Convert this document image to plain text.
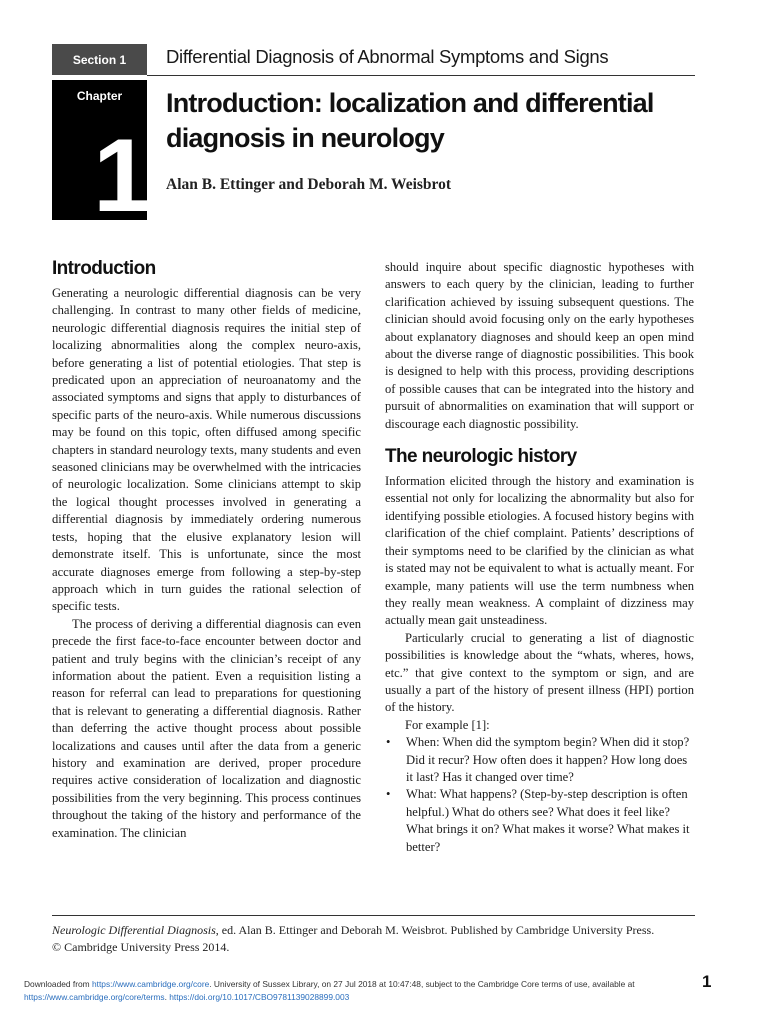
Section 1	Differential Diagnosis of Abnormal Symptoms and Signs
Chapter
1
Introduction: localization and differential diagnosis in neurology
Alan B. Ettinger and Deborah M. Weisbrot
Introduction

Generating a neurologic differential diagnosis can be very challenging. In contrast to many other fields of medicine, neurologic differential diagnosis requires the initial step of localizing abnormalities along the complex neuro-axis, before generating a list of potential etiologies. That step is predicated upon an appreciation of neuroanatomy and the associated symptoms and signs that apply to disturbances of specific parts of the neuro-axis. While numerous discussions may be found on this topic, often diffused among specific chapters in standard neurology texts, many students and even seasoned clinicians may be overwhelmed with the intricacies of neurologic localization. Some clinicians attempt to skip the logical thought processes involved in generating a differential diagnosis by immediately ordering numerous tests, hoping that the elusive explanatory lesion will demonstrate itself. This is unfortunate, since the most accurate diagnoses emerge from following a step-by-step approach which in turn guides the rational selection of specific tests.

The process of deriving a differential diagnosis can even precede the first face-to-face encounter between doctor and patient and truly begins with the clinician’s receipt of any information about the patient. Even a requisition listing a reason for referral can lead to preparations for questioning that is relevant to generating a differential diagnosis. Rather than deferring the active thought process about possible localizations and causes until after the data from a generic history and examination are derived, proper procedure requires active consideration of localization and diagnostic possibilities from the very beginning. This process continues throughout the taking of the history and performance of the examination. The clinician

should inquire about specific diagnostic hypotheses with answers to each query by the clinician, leading to further clarification achieved by issuing subsequent questions. The clinician should avoid focusing only on the early hypotheses about explanatory diagnoses and should keep an open mind about the diverse range of diagnostic possibilities. This book is designed to help with this process, providing descriptions of possible causes that can be integrated into the history and pursuit of abnormalities on examination that will support or discourage each diagnostic possibility.

The neurologic history

Information elicited through the history and examination is essential not only for localizing the abnormality but also for identifying possible etiologies. A focused history begins with clarification of the chief complaint. Patients’ descriptions of their symptoms need to be clarified by the clinician as what is stated may not be equivalent to what is actually meant. For example, many patients will use the term numbness when they really mean weakness. A complaint of dizziness may actually mean gait unsteadiness.

Particularly crucial to generating a list of diagnostic possibilities is knowledge about the “whats, wheres, hows, etc.” that give context to the symptom or sign, and are usually a part of the history of present illness (HPI) portion of the history.

For example [1]:

• When: When did the symptom begin? When did it stop? Did it recur? How often does it happen? How long does it last? Has it changed over time?
• What: What happens? (Step-by-step description is often helpful.) What do others see? What does it feel like? What brings it on? What makes it worse? What makes it better?
Neurologic Differential Diagnosis, ed. Alan B. Ettinger and Deborah M. Weisbrot. Published by Cambridge University Press.
© Cambridge University Press 2014.
Downloaded from https://www.cambridge.org/core. University of Sussex Library, on 27 Jul 2018 at 10:47:48, subject to the Cambridge Core terms of use, available at
https://www.cambridge.org/core/terms. https://doi.org/10.1017/CBO9781139028899.003
1
